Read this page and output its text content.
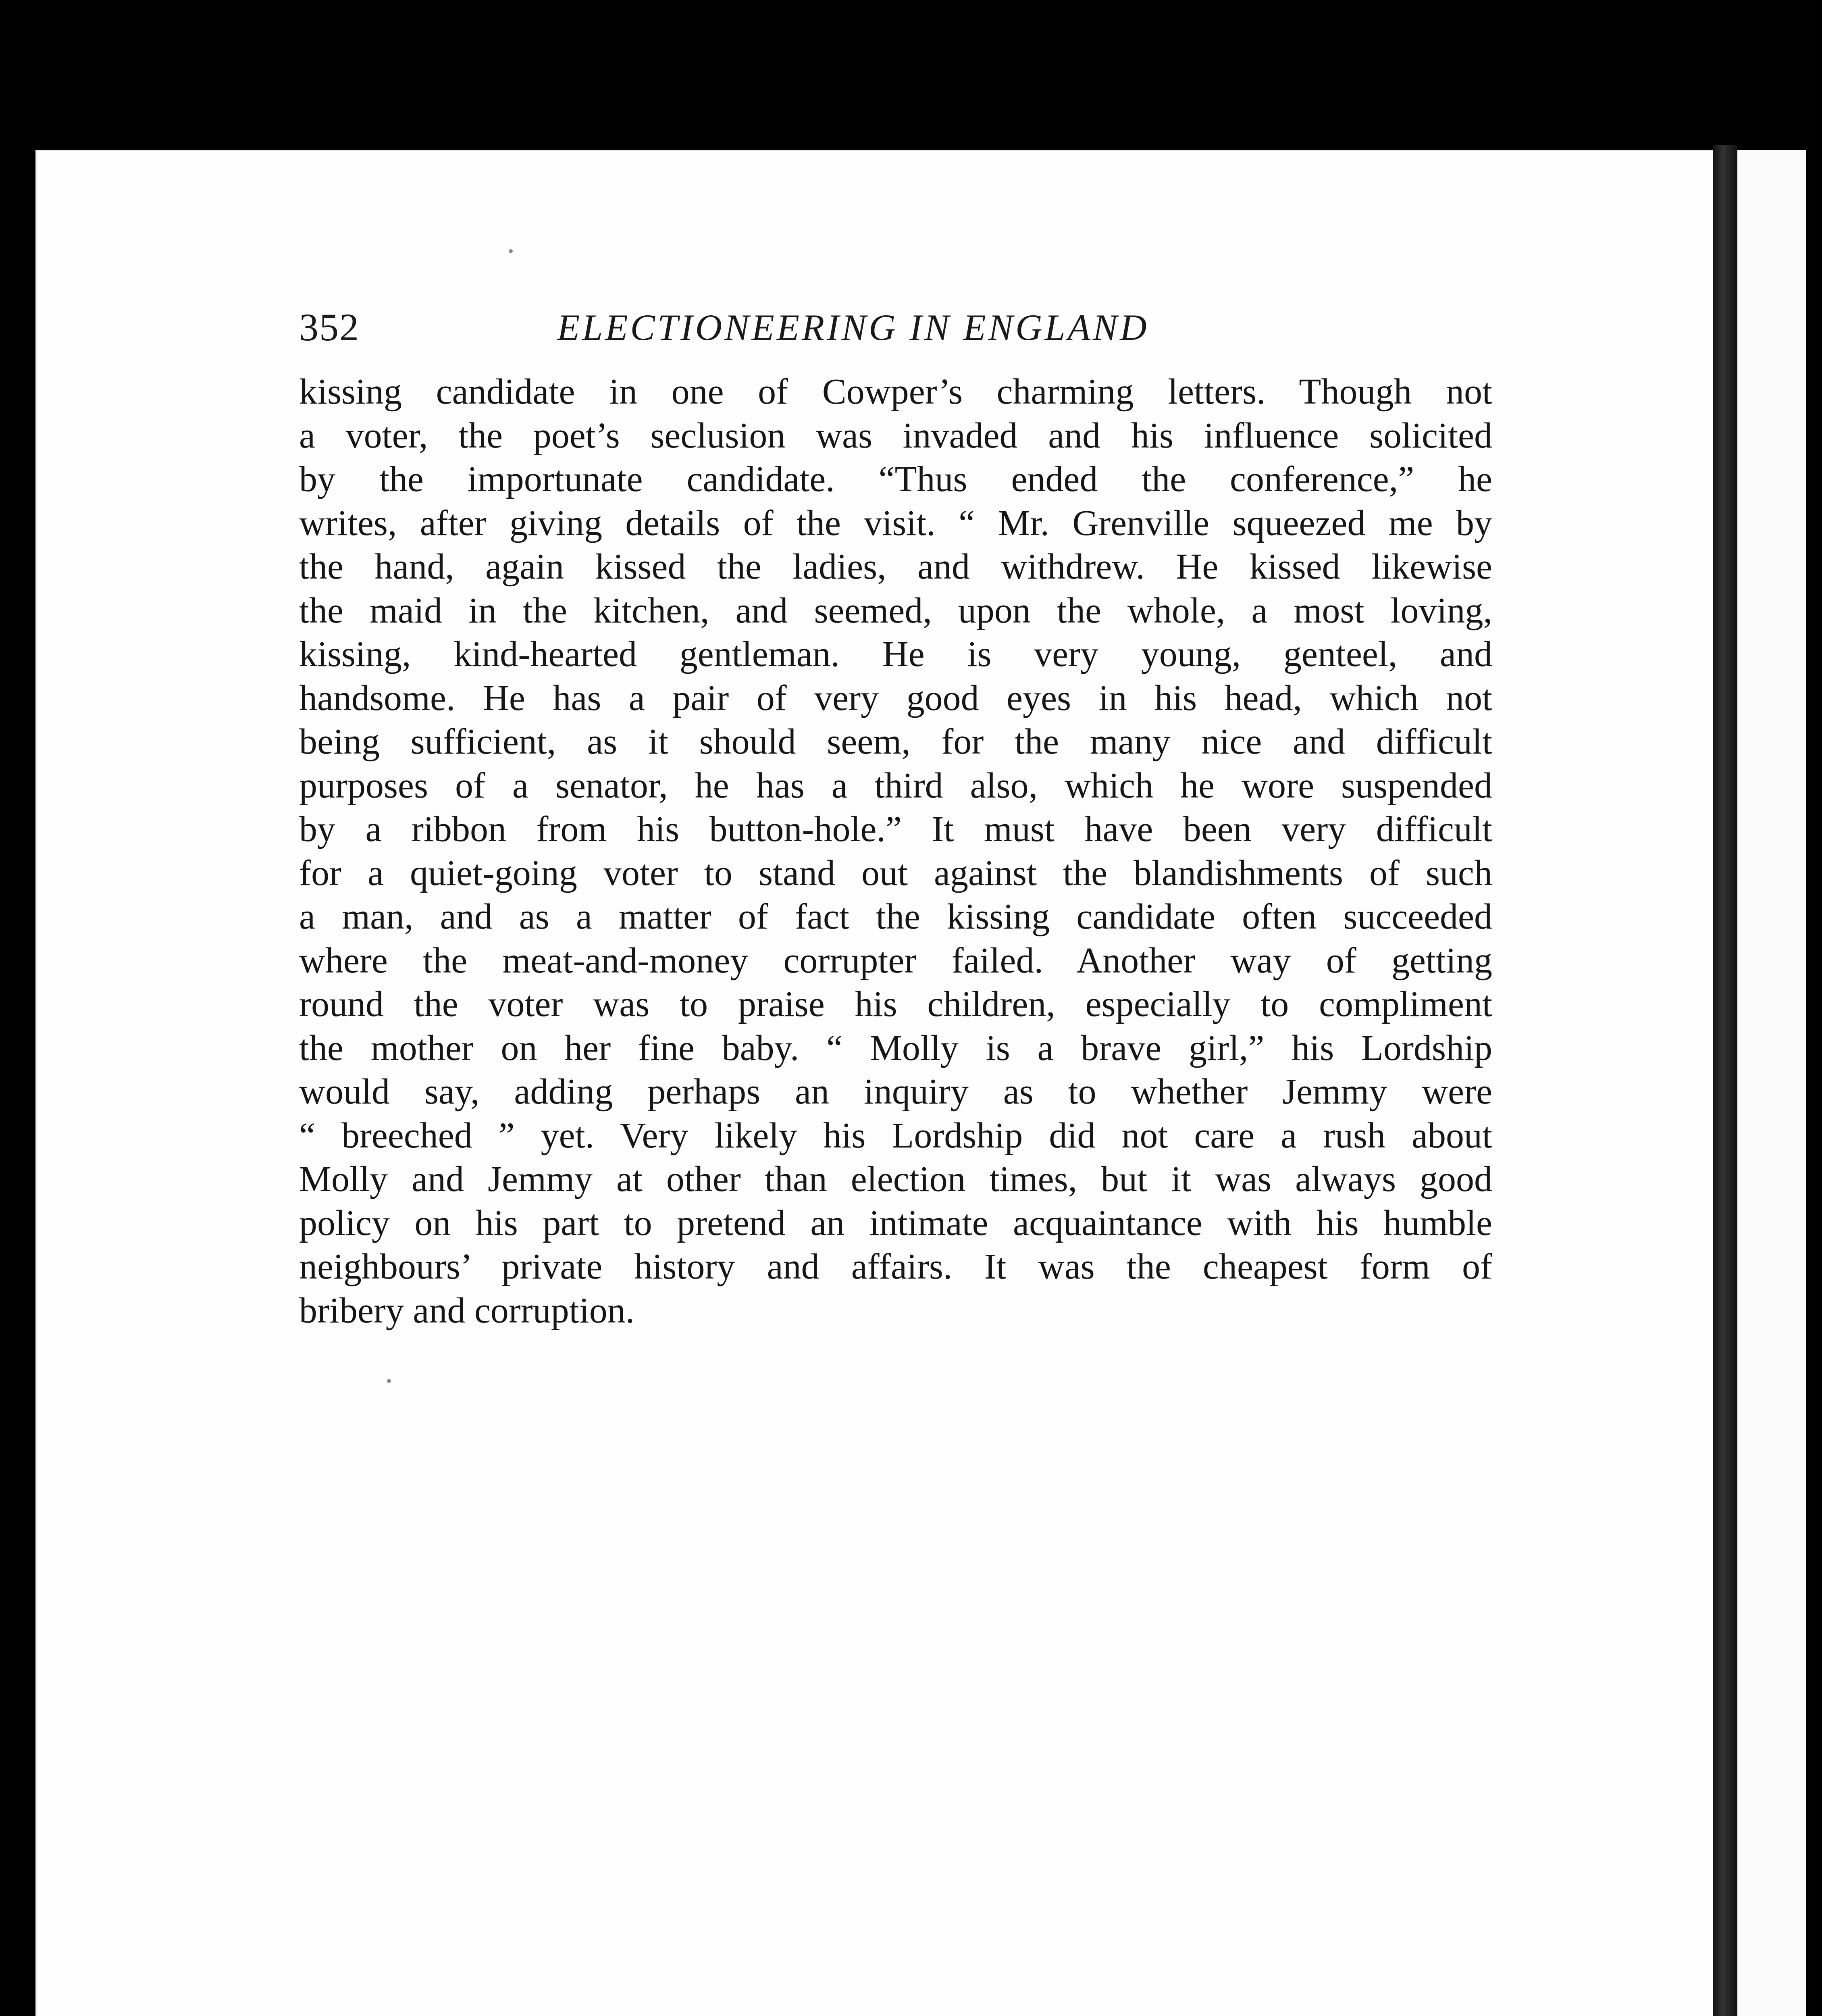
352	ELECTIONEERING IN ENGLAND
kissing candidate in one of Cowper’s charming letters. Though not
a voter, the poet’s seclusion was invaded and his influence solicited
by the importunate candidate. “Thus ended the conference,” he
writes, after giving details of the visit. “ Mr. Grenville squeezed me by
the hand, again kissed the ladies, and withdrew. He kissed likewise
the maid in the kitchen, and seemed, upon the whole, a most loving,
kissing, kind-hearted gentleman. He is very young, genteel, and
handsome. He has a pair of very good eyes in his head, which not
being sufficient, as it should seem, for the many nice and difficult
purposes of a senator, he has a third also, which he wore suspended
by a ribbon from his button-hole.” It must have been very difficult
for a quiet-going voter to stand out against the blandishments of such
a man, and as a matter of fact the kissing candidate often succeeded
where the meat-and-money corrupter failed. Another way of getting
round the voter was to praise his children, especially to compliment
the mother on her fine baby. “ Molly is a brave girl,” his Lordship
would say, adding perhaps an inquiry as to whether Jemmy were
“ breeched ” yet. Very likely his Lordship did not care a rush about
Molly and Jemmy at other than election times, but it was always good
policy on his part to pretend an intimate acquaintance with his humble
neighbours’ private history and affairs. It was the cheapest form of
bribery and corruption.
